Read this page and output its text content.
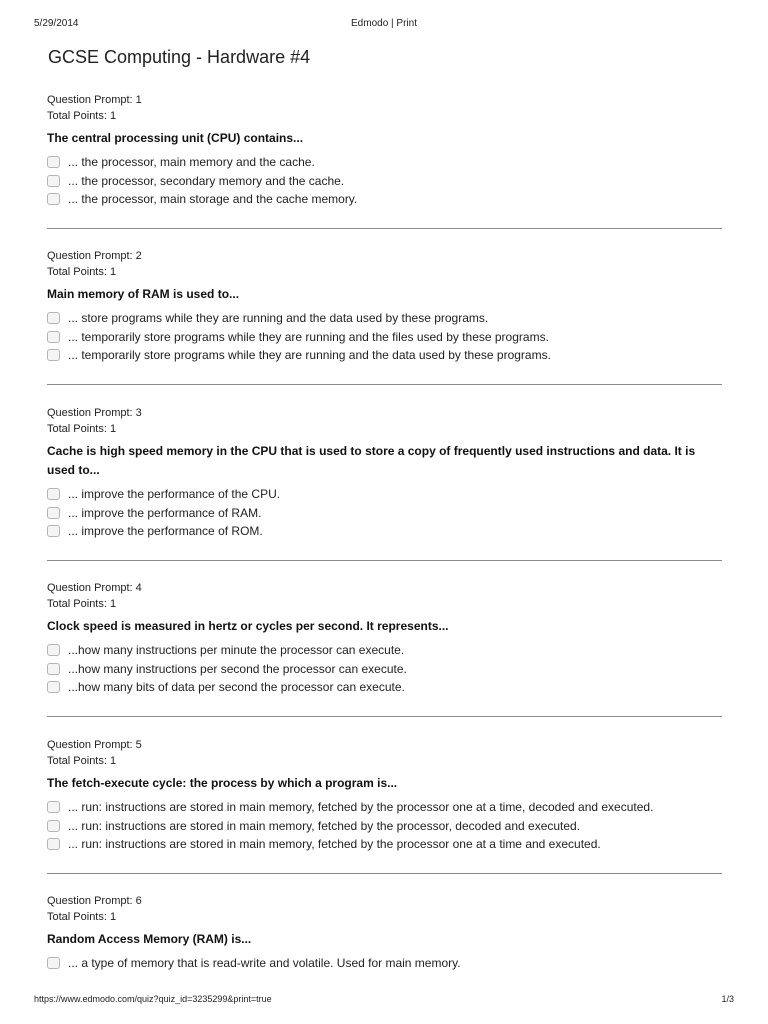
5/29/2014	Edmodo | Print
GCSE Computing - Hardware #4
Question Prompt: 1
Total Points: 1
The central processing unit (CPU) contains...
... the processor, main memory and the cache.
... the processor, secondary memory and the cache.
... the processor, main storage and the cache memory.
Question Prompt: 2
Total Points: 1
Main memory of RAM is used to...
... store programs while they are running and the data used by these programs.
... temporarily store programs while they are running and the files used by these programs.
... temporarily store programs while they are running and the data used by these programs.
Question Prompt: 3
Total Points: 1
Cache is high speed memory in the CPU that is used to store a copy of frequently used instructions and data. It is used to...
... improve the performance of the CPU.
... improve the performance of RAM.
... improve the performance of ROM.
Question Prompt: 4
Total Points: 1
Clock speed is measured in hertz or cycles per second. It represents...
...how many instructions per minute the processor can execute.
...how many instructions per second the processor can execute.
...how many bits of data per second the processor can execute.
Question Prompt: 5
Total Points: 1
The fetch-execute cycle: the process by which a program is...
... run: instructions are stored in main memory, fetched by the processor one at a time, decoded and executed.
... run: instructions are stored in main memory, fetched by the processor, decoded and executed.
... run: instructions are stored in main memory, fetched by the processor one at a time and executed.
Question Prompt: 6
Total Points: 1
Random Access Memory (RAM) is...
... a type of memory that is read-write and volatile. Used for main memory.
https://www.edmodo.com/quiz?quiz_id=3235299&print=true	1/3
